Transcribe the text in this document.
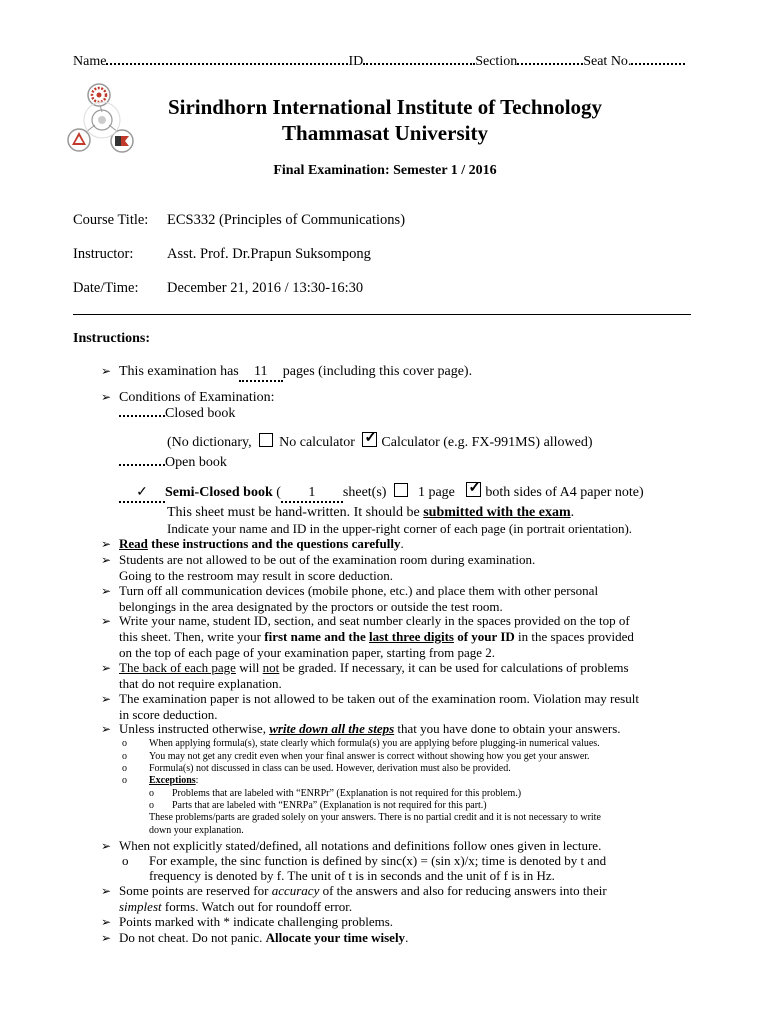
Name	ID	Section	Seat No.
Sirindhorn International Institute of Technology
Thammasat University
Final Examination: Semester 1 / 2016
Course Title: ECS332 (Principles of Communications)
Instructor: Asst. Prof. Dr.Prapun Suksompong
Date/Time: December 21, 2016 / 13:30-16:30
Instructions:
➢ This examination has 11 pages (including this cover page).
➢ Conditions of Examination:
Closed book
(No dictionary, No calculator ✓ Calculator (e.g. FX-991MS) allowed)
Open book
✓ Semi-Closed book ( 1 sheet(s) 1 page ✓ both sides of A4 paper note)
This sheet must be hand-written. It should be submitted with the exam.
Indicate your name and ID in the upper-right corner of each page (in portrait orientation).
➢ Read these instructions and the questions carefully.
➢ Students are not allowed to be out of the examination room during examination.
Going to the restroom may result in score deduction.
➢ Turn off all communication devices (mobile phone, etc.) and place them with other personal
belongings in the area designated by the proctors or outside the test room.
➢ Write your name, student ID, section, and seat number clearly in the spaces provided on the top of
this sheet. Then, write your first name and the last three digits of your ID in the spaces provided
on the top of each page of your examination paper, starting from page 2.
➢ The back of each page will not be graded. If necessary, it can be used for calculations of problems
that do not require explanation.
➢ The examination paper is not allowed to be taken out of the examination room. Violation may result
in score deduction.
➢ Unless instructed otherwise, write down all the steps that you have done to obtain your answers.
o When applying formula(s), state clearly which formula(s) you are applying before plugging-in numerical values.
o You may not get any credit even when your final answer is correct without showing how you get your answer.
o Formula(s) not discussed in class can be used. However, derivation must also be provided.
o Exceptions:
o Problems that are labeled with “ENRPr” (Explanation is not required for this problem.)
o Parts that are labeled with “ENRPa” (Explanation is not required for this part.)
These problems/parts are graded solely on your answers. There is no partial credit and it is not necessary to write
down your explanation.
➢ When not explicitly stated/defined, all notations and definitions follow ones given in lecture.
o For example, the sinc function is defined by sinc(x) = (sin x)/x; time is denoted by t and
frequency is denoted by f. The unit of t is in seconds and the unit of f is in Hz.
➢ Some points are reserved for accuracy of the answers and also for reducing answers into their
simplest forms. Watch out for roundoff error.
➢ Points marked with * indicate challenging problems.
➢ Do not cheat. Do not panic. Allocate your time wisely.
